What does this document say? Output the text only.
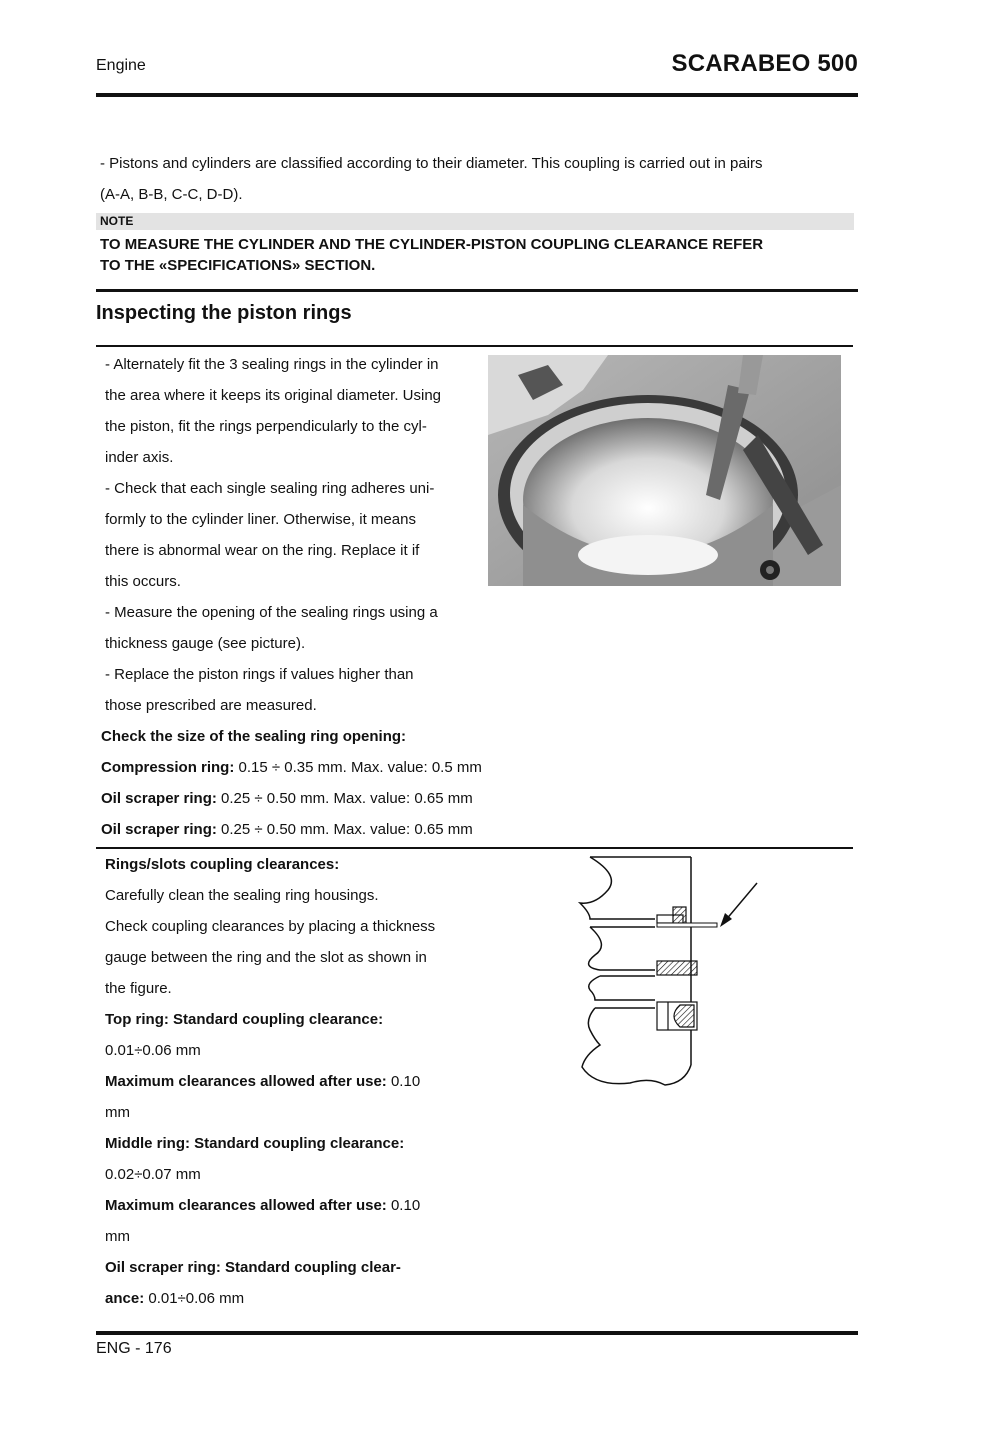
Engine	SCARABEO 500

- Pistons and cylinders are classified according to their diameter. This coupling is carried out in pairs

(A-A, B-B, C-C, D-D).

NOTE
TO MEASURE THE CYLINDER AND THE CYLINDER-PISTON COUPLING CLEARANCE REFER
TO THE «SPECIFICATIONS» SECTION.
Inspecting the piston rings

- Alternately fit the 3 sealing rings in the cylinder in

the area where it keeps its original diameter. Using

the piston, fit the rings perpendicularly to the cyl-

inder axis.

- Check that each single sealing ring adheres uni-

formly to the cylinder liner. Otherwise, it means

there is abnormal wear on the ring. Replace it if

this occurs.

- Measure the opening of the sealing rings using a

thickness gauge (see picture).

- Replace the piston rings if values higher than

those prescribed are measured.

Check the size of the sealing ring opening:

Compression ring: 0.15 ÷ 0.35 mm. Max. value: 0.5 mm

Oil scraper ring: 0.25 ÷ 0.50 mm. Max. value: 0.65 mm

Oil scraper ring: 0.25 ÷ 0.50 mm. Max. value: 0.65 mm

Rings/slots coupling clearances:

Carefully clean the sealing ring housings.

Check coupling clearances by placing a thickness

gauge between the ring and the slot as shown in

the figure.

Top ring: Standard coupling clearance:

0.01÷0.06 mm

Maximum clearances allowed after use: 0.10

mm

Middle ring: Standard coupling clearance:

0.02÷0.07 mm

Maximum clearances allowed after use: 0.10

mm

Oil scraper ring: Standard coupling clear-

ance: 0.01÷0.06 mm

ENG - 176
